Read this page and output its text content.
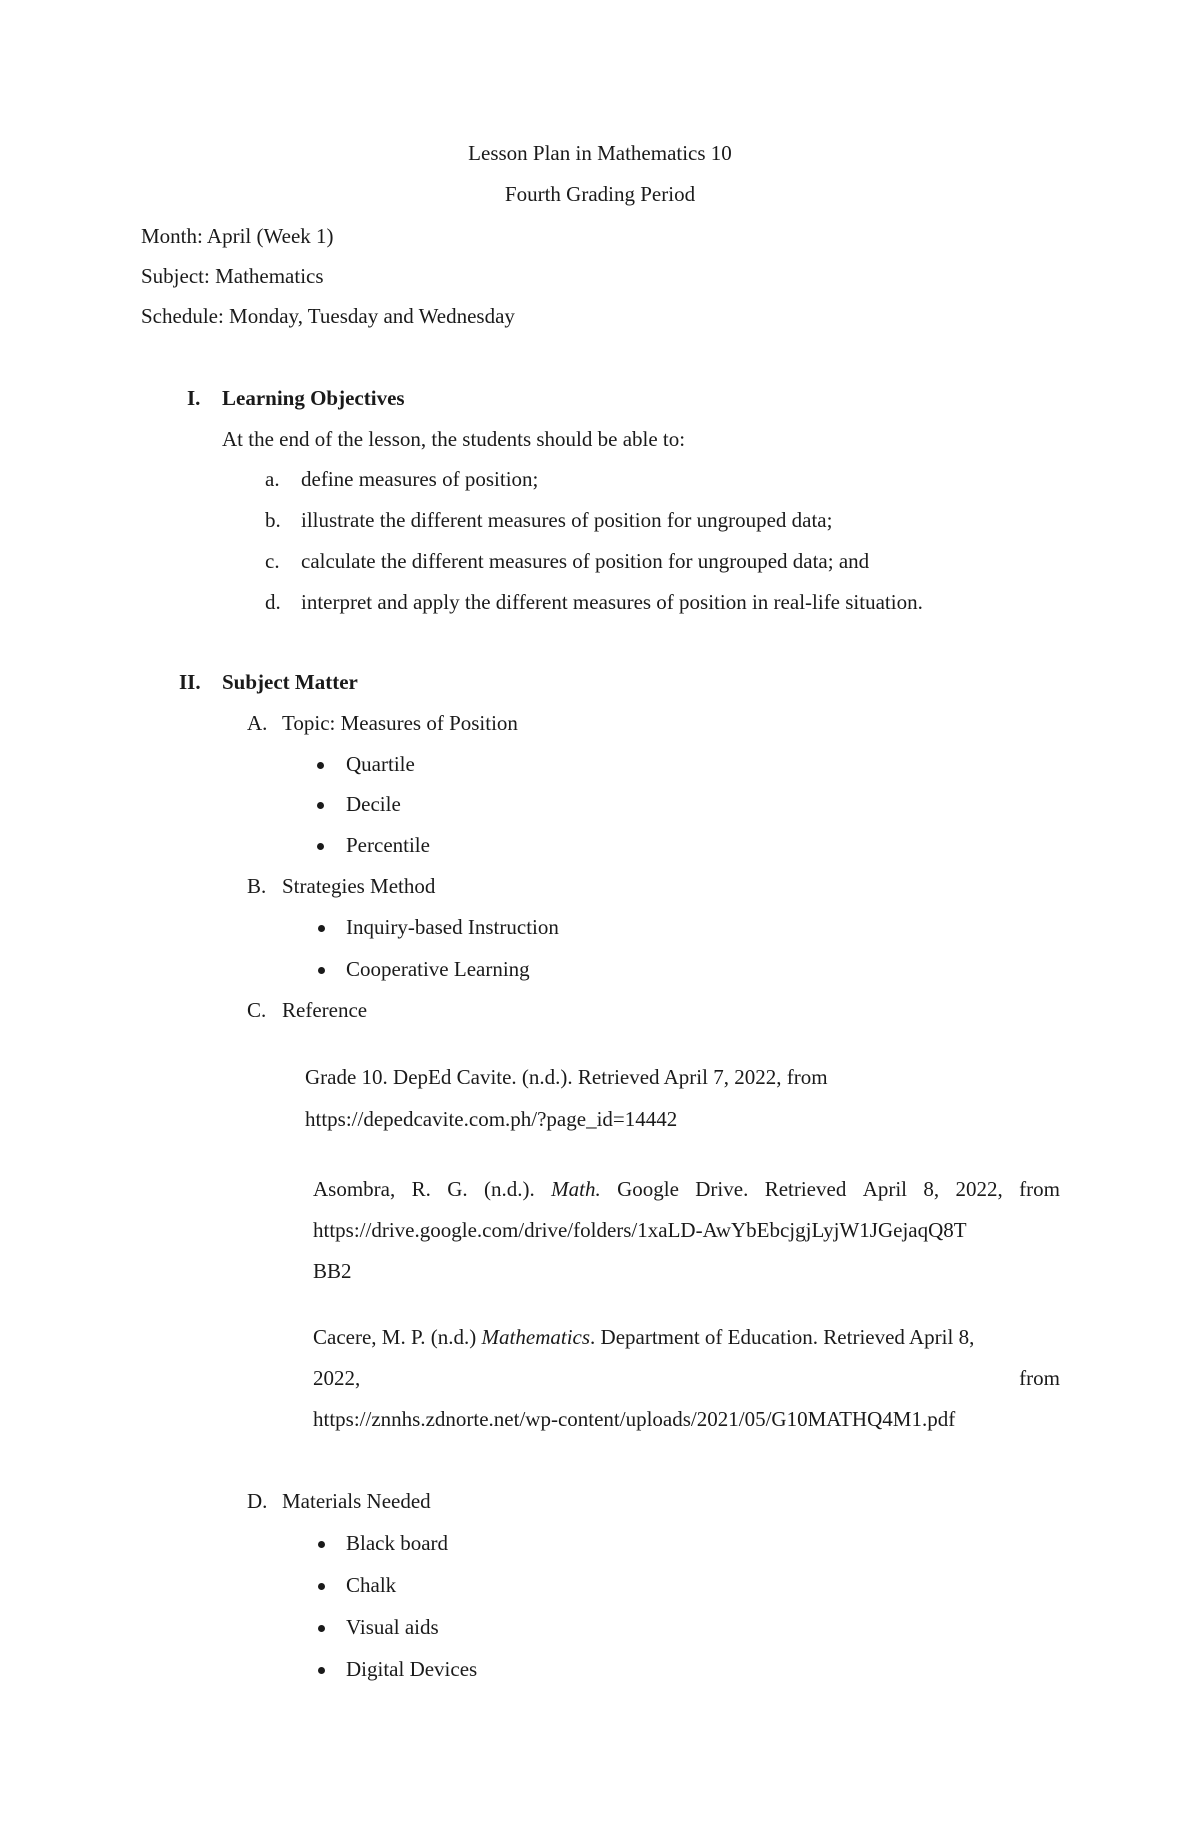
Lesson Plan in Mathematics 10
Fourth Grading Period
Month: April (Week 1)
Subject: Mathematics
Schedule: Monday, Tuesday and Wednesday
I. Learning Objectives
At the end of the lesson, the students should be able to:
a. define measures of position;
b. illustrate the different measures of position for ungrouped data;
c. calculate the different measures of position for ungrouped data; and
d. interpret and apply the different measures of position in real-life situation.
II. Subject Matter
A. Topic: Measures of Position
Quartile
Decile
Percentile
B. Strategies Method
Inquiry-based Instruction
Cooperative Learning
C. Reference
Grade 10. DepEd Cavite. (n.d.). Retrieved April 7, 2022, from
https://depedcavite.com.ph/?page_id=14442
Asombra, R. G. (n.d.). Math. Google Drive. Retrieved April 8, 2022, from
https://drive.google.com/drive/folders/1xaLD-AwYbEbcjgjLyjW1JGejaqQ8T
BB2
Cacere, M. P. (n.d.) Mathematics. Department of Education. Retrieved April 8,
2022,	from
https://znnhs.zdnorte.net/wp-content/uploads/2021/05/G10MATHQ4M1.pdf
D. Materials Needed
Black board
Chalk
Visual aids
Digital Devices
